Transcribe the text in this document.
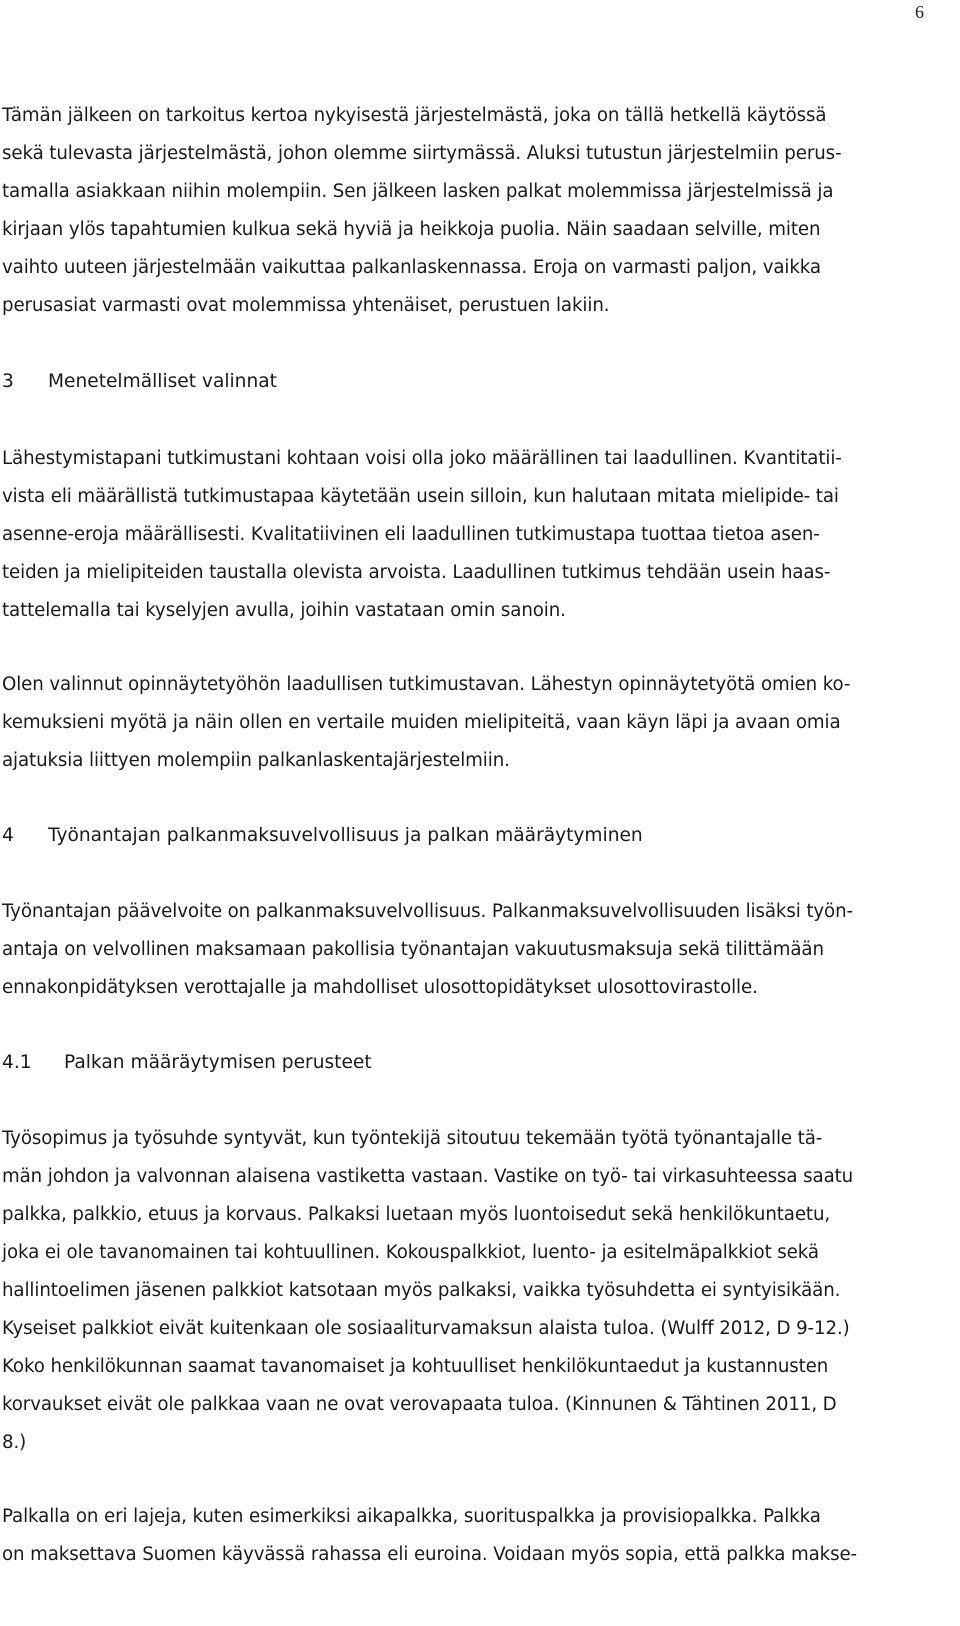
6
Tämän jälkeen on tarkoitus kertoa nykyisestä järjestelmästä, joka on tällä hetkellä käytössä
sekä tulevasta järjestelmästä, johon olemme siirtymässä. Aluksi tutustun järjestelmiin perus-
tamalla asiakkaan niihin molempiin. Sen jälkeen lasken palkat molemmissa järjestelmissä ja
kirjaan ylös tapahtumien kulkua sekä hyviä ja heikkoja puolia. Näin saadaan selville, miten
vaihto uuteen järjestelmään vaikuttaa palkanlaskennassa. Eroja on varmasti paljon, vaikka
perusasiat varmasti ovat molemmissa yhtenäiset, perustuen lakiin.
3 Menetelmälliset valinnat
Lähestymistapani tutkimustani kohtaan voisi olla joko määrällinen tai laadullinen. Kvantitatii-
vista eli määrällistä tutkimustapaa käytetään usein silloin, kun halutaan mitata mielipide- tai
asenne-eroja määrällisesti. Kvalitatiivinen eli laadullinen tutkimustapa tuottaa tietoa asen-
teiden ja mielipiteiden taustalla olevista arvoista. Laadullinen tutkimus tehdään usein haas-
tattelemalla tai kyselyjen avulla, joihin vastataan omin sanoin.
Olen valinnut opinnäytetyöhön laadullisen tutkimustavan. Lähestyn opinnäytetyötä omien ko-
kemuksieni myötä ja näin ollen en vertaile muiden mielipiteitä, vaan käyn läpi ja avaan omia
ajatuksia liittyen molempiin palkanlaskentajärjestelmiin.
4 Työnantajan palkanmaksuvelvollisuus ja palkan määräytyminen
Työnantajan päävelvoite on palkanmaksuvelvollisuus. Palkanmaksuvelvollisuuden lisäksi työn-
antaja on velvollinen maksamaan pakollisia työnantajan vakuutusmaksuja sekä tilittämään
ennakonpidätyksen verottajalle ja mahdolliset ulosottopidätykset ulosottovirastolle.
4.1 Palkan määräytymisen perusteet
Työsopimus ja työsuhde syntyvät, kun työntekijä sitoutuu tekemään työtä työnantajalle tä-
män johdon ja valvonnan alaisena vastiketta vastaan. Vastike on työ- tai virkasuhteessa saatu
palkka, palkkio, etuus ja korvaus. Palkaksi luetaan myös luontoisedut sekä henkilökuntaetu,
joka ei ole tavanomainen tai kohtuullinen. Kokouspalkkiot, luento- ja esitelmäpalkkiot sekä
hallintoelimen jäsenen palkkiot katsotaan myös palkaksi, vaikka työsuhdetta ei syntyisikään.
Kyseiset palkkiot eivät kuitenkaan ole sosiaaliturvamaksun alaista tuloa. (Wulff 2012, D 9-12.)
Koko henkilökunnan saamat tavanomaiset ja kohtuulliset henkilökuntaedut ja kustannusten
korvaukset eivät ole palkkaa vaan ne ovat verovapaata tuloa. (Kinnunen & Tähtinen 2011, D
8.)
Palkalla on eri lajeja, kuten esimerkiksi aikapalkka, suorituspalkka ja provisiopalkka. Palkka
on maksettava Suomen käyvässä rahassa eli euroina. Voidaan myös sopia, että palkka makse-
